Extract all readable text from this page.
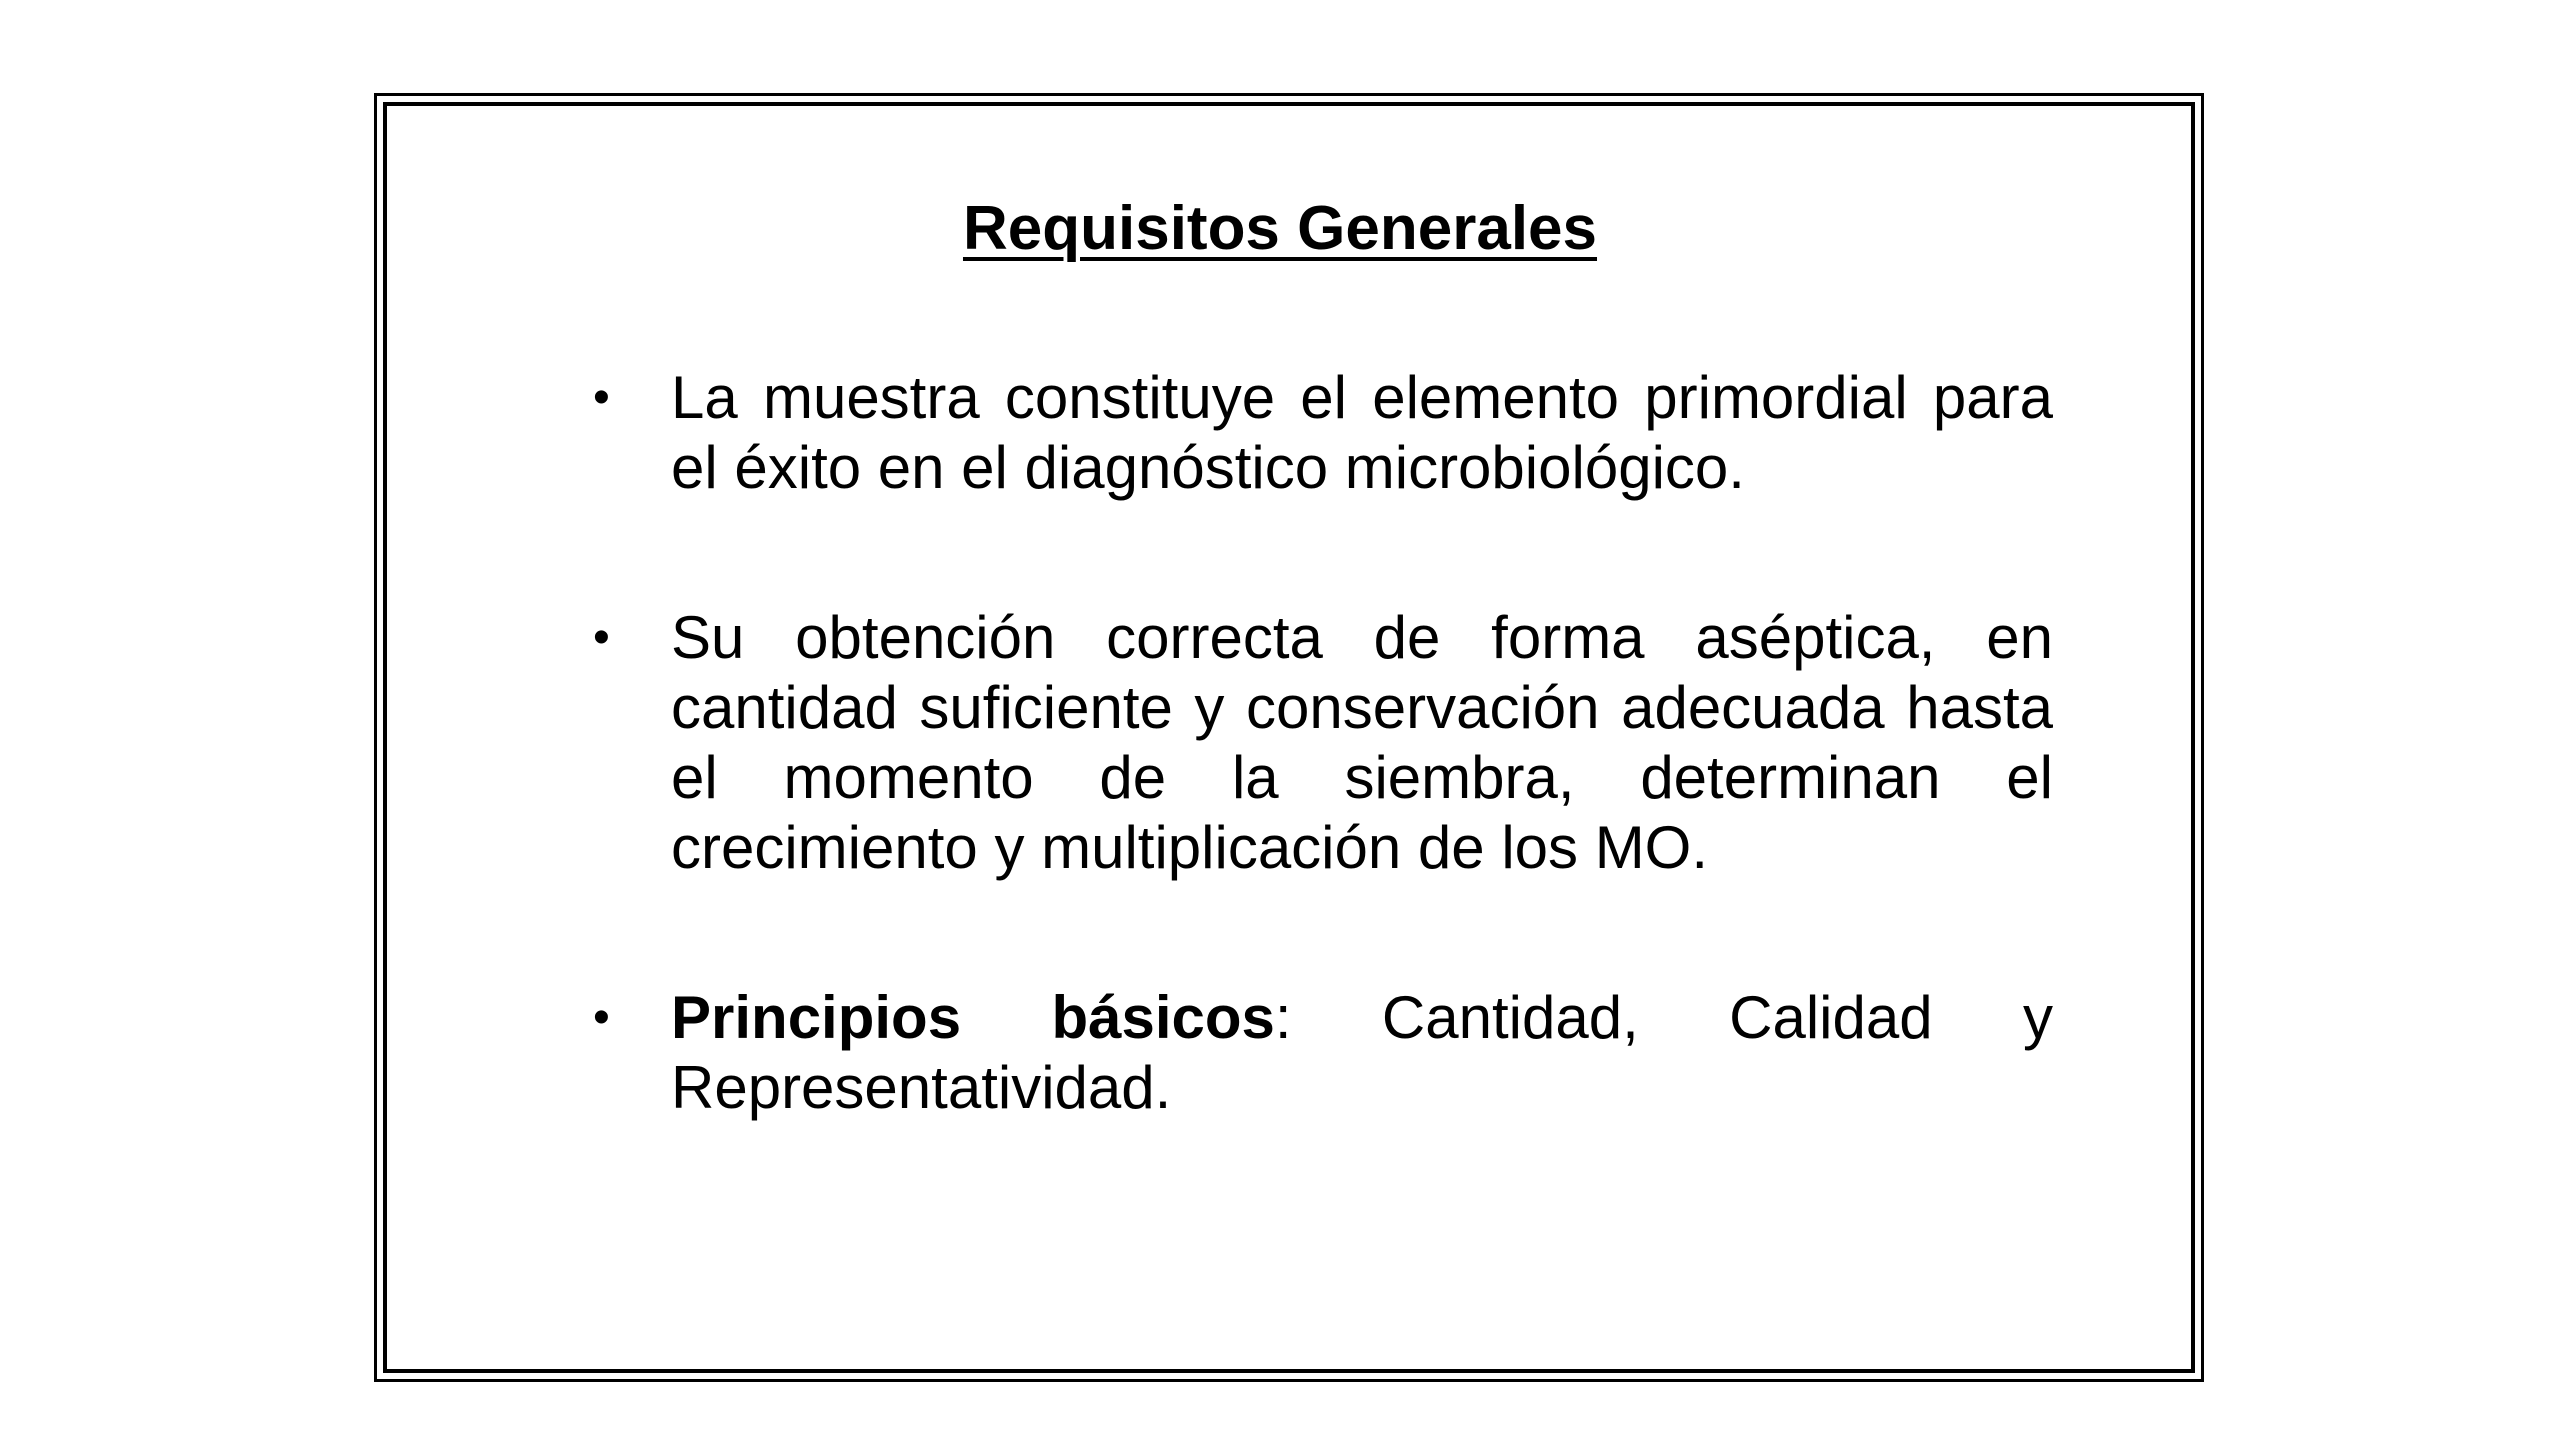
Requisitos Generales
• La muestra constituye el elemento primordial para el éxito en el diagnóstico microbiológico.
• Su obtención correcta de forma aséptica, en cantidad suficiente y conservación adecuada hasta el momento de la siembra, determinan el crecimiento y multiplicación de los MO.
• Principios básicos: Cantidad, Calidad y Representatividad.
